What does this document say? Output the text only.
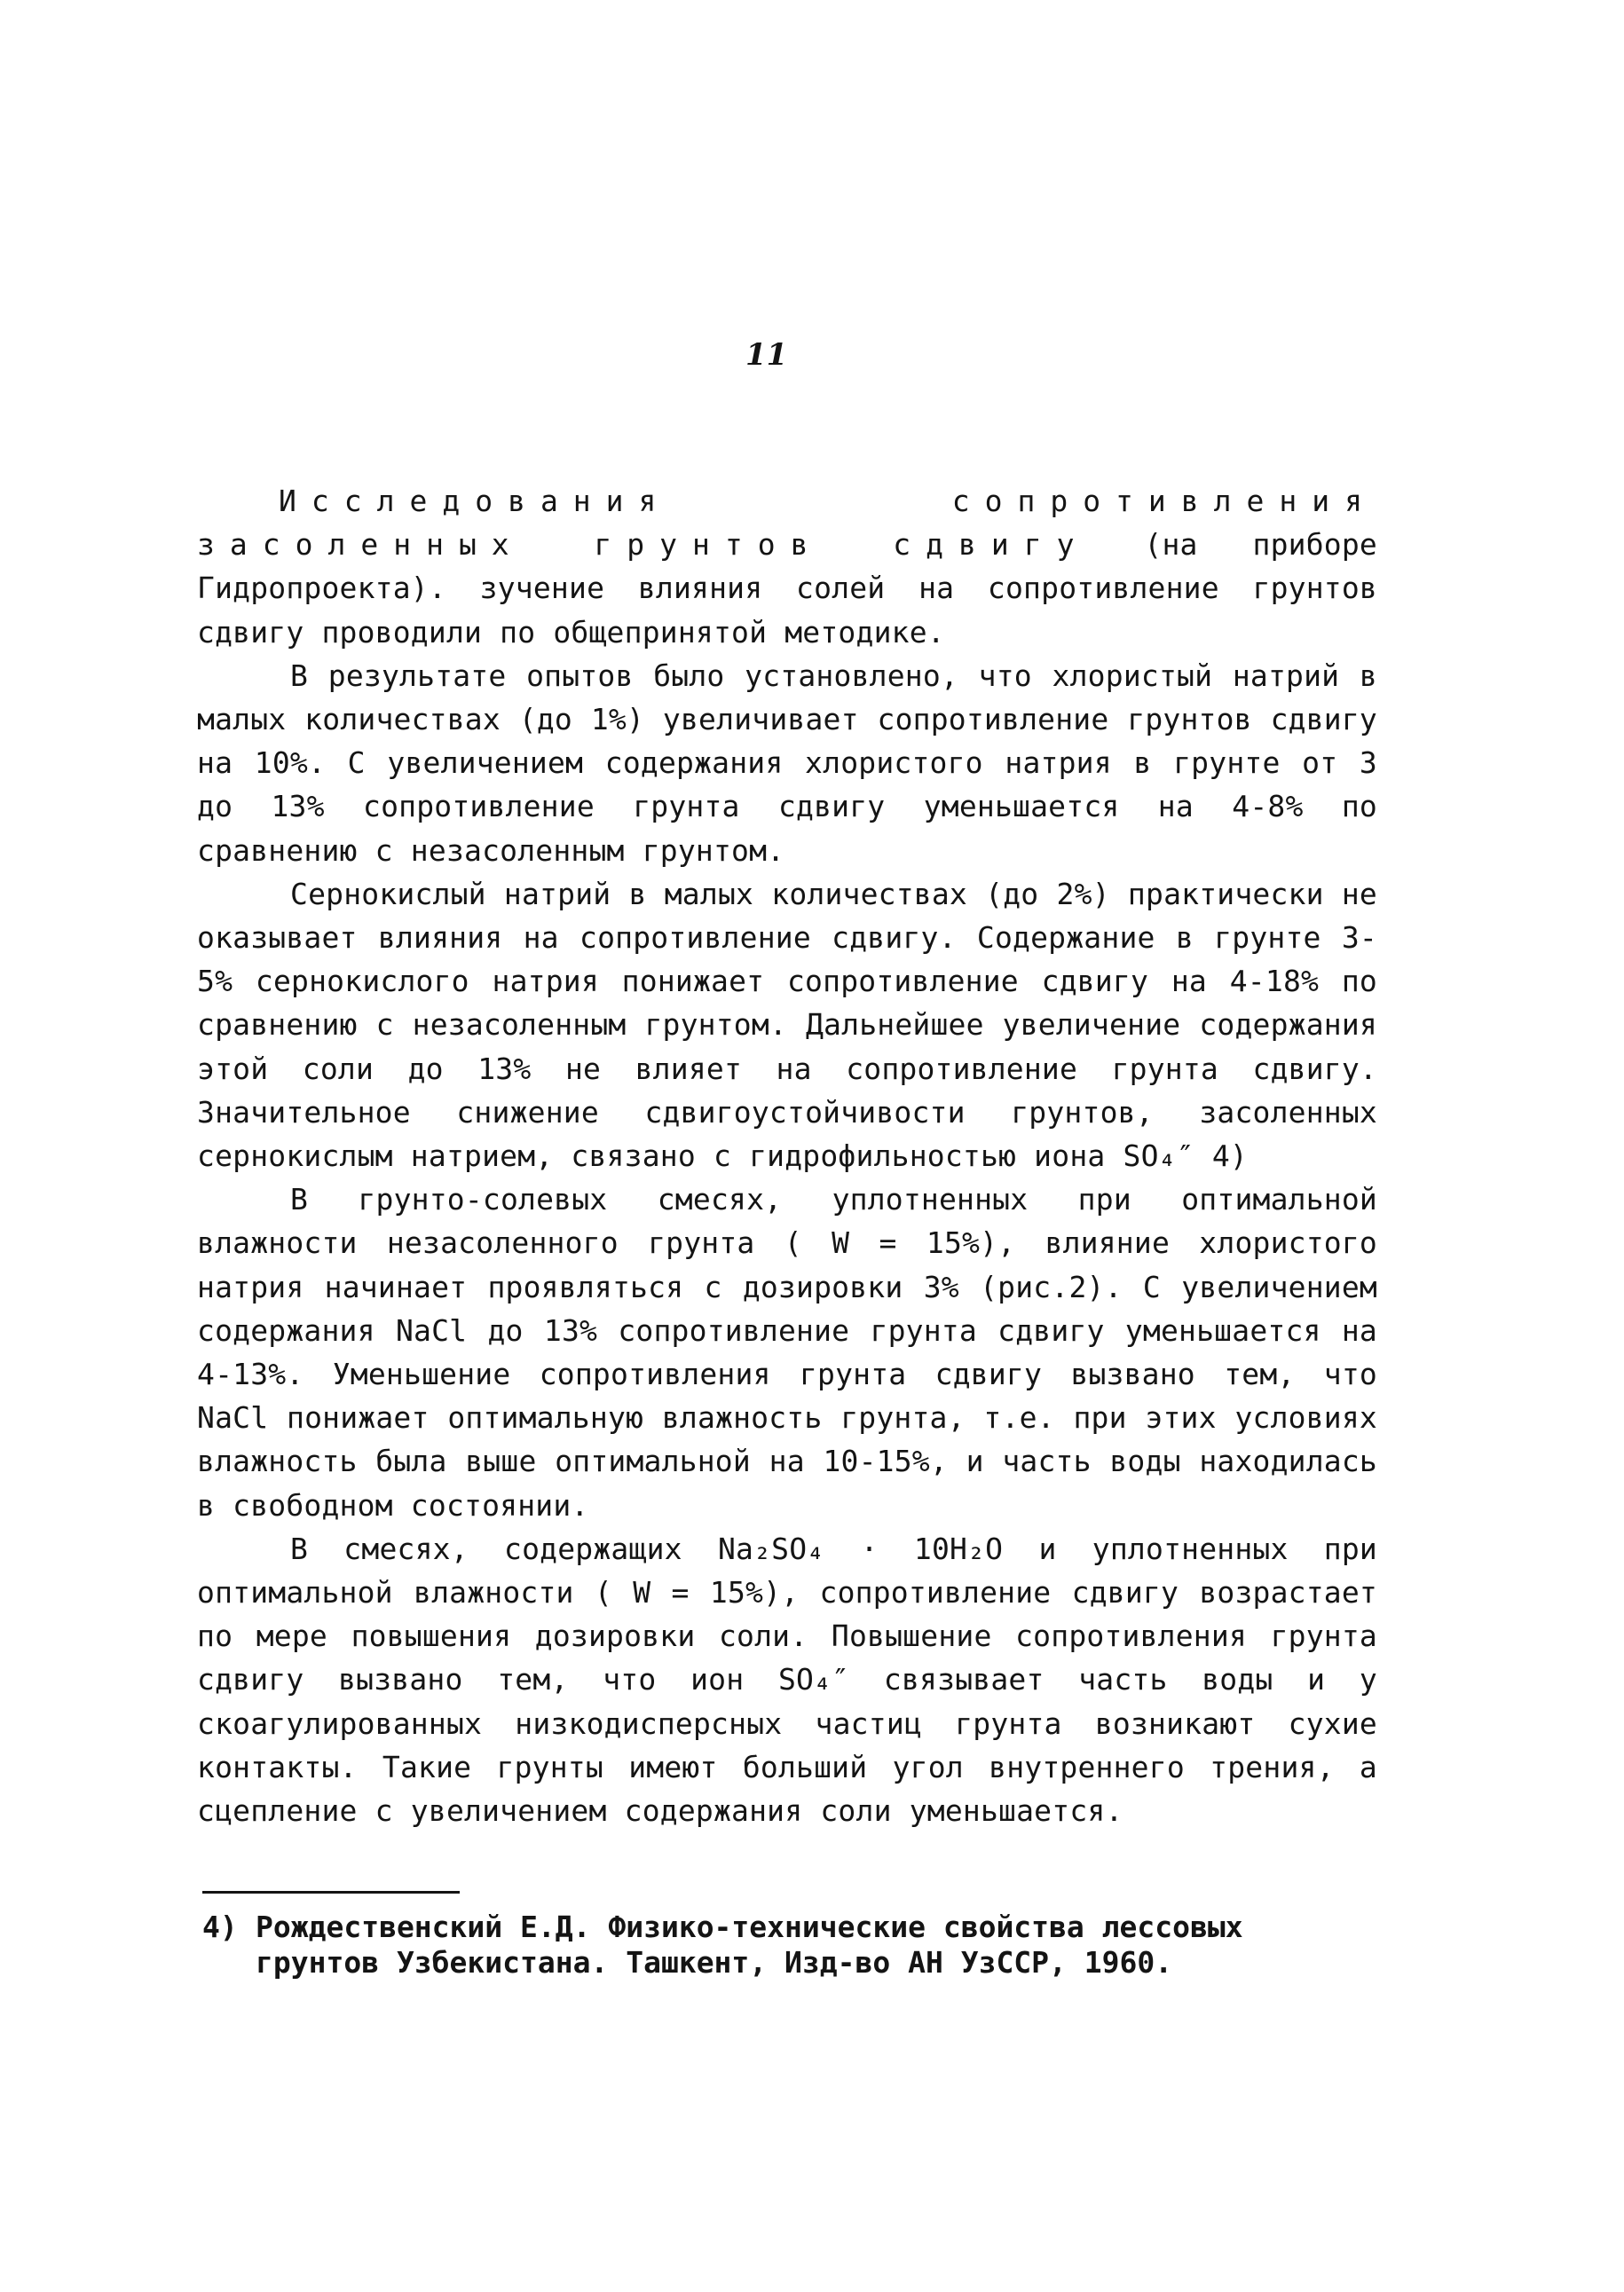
11

Исследования сопротивления засоленных грунтов сдвигу (на приборе Гидропроекта). зучение влияния солей на сопротивление грунтов сдвигу проводили по общепринятой методике.

В результате опытов было установлено, что хлористый натрий в малых количествах (до 1%) увеличивает сопротивление грунтов сдвигу на 10%. С увеличением содержания хлористого натрия в грунте от 3 до 13% сопротивление грунта сдвигу уменьшается на 4-8% по сравнению с незасоленным грунтом.

Сернокислый натрий в малых количествах (до 2%) практически не оказывает влияния на сопротивление сдвигу. Содержание в грунте 3-5% сернокислого натрия понижает сопротивление сдвигу на 4-18% по сравнению с незасоленным грунтом. Дальнейшее увеличение содержания этой соли до 13% не влияет на сопротивление грунта сдвигу. Значительное снижение сдвигоустойчивости грунтов, засоленных сернокислым натрием, связано с гидрофильностью иона SO₄″ 4)

В грунто-солевых смесях, уплотненных при оптимальной влажности незасоленного грунта ( W = 15%), влияние хлористого натрия начинает проявляться с дозировки 3% (рис.2). С увеличением содержания NaCl до 13% сопротивление грунта сдвигу уменьшается на 4-13%. Уменьшение сопротивления грунта сдвигу вызвано тем, что NaCl понижает оптимальную влажность грунта, т.е. при этих условиях влажность была выше оптимальной на 10-15%, и часть воды находилась в свободном состоянии.

В смесях, содержащих Na₂SO₄ · 10H₂O и уплотненных при оптимальной влажности ( W = 15%), сопротивление сдвигу возрастает по мере повышения дозировки соли. Повышение сопротивления грунта сдвигу вызвано тем, что ион SO₄″ связывает часть воды и у скоагулированных низкодисперсных частиц грунта возникают сухие контакты. Такие грунты имеют больший угол внутреннего трения, а сцепление с увеличением содержания соли уменьшается.

4) Рождественский Е.Д. Физико-технические свойства лессовых грунтов Узбекистана. Ташкент, Изд-во АН УзССР, 1960.
